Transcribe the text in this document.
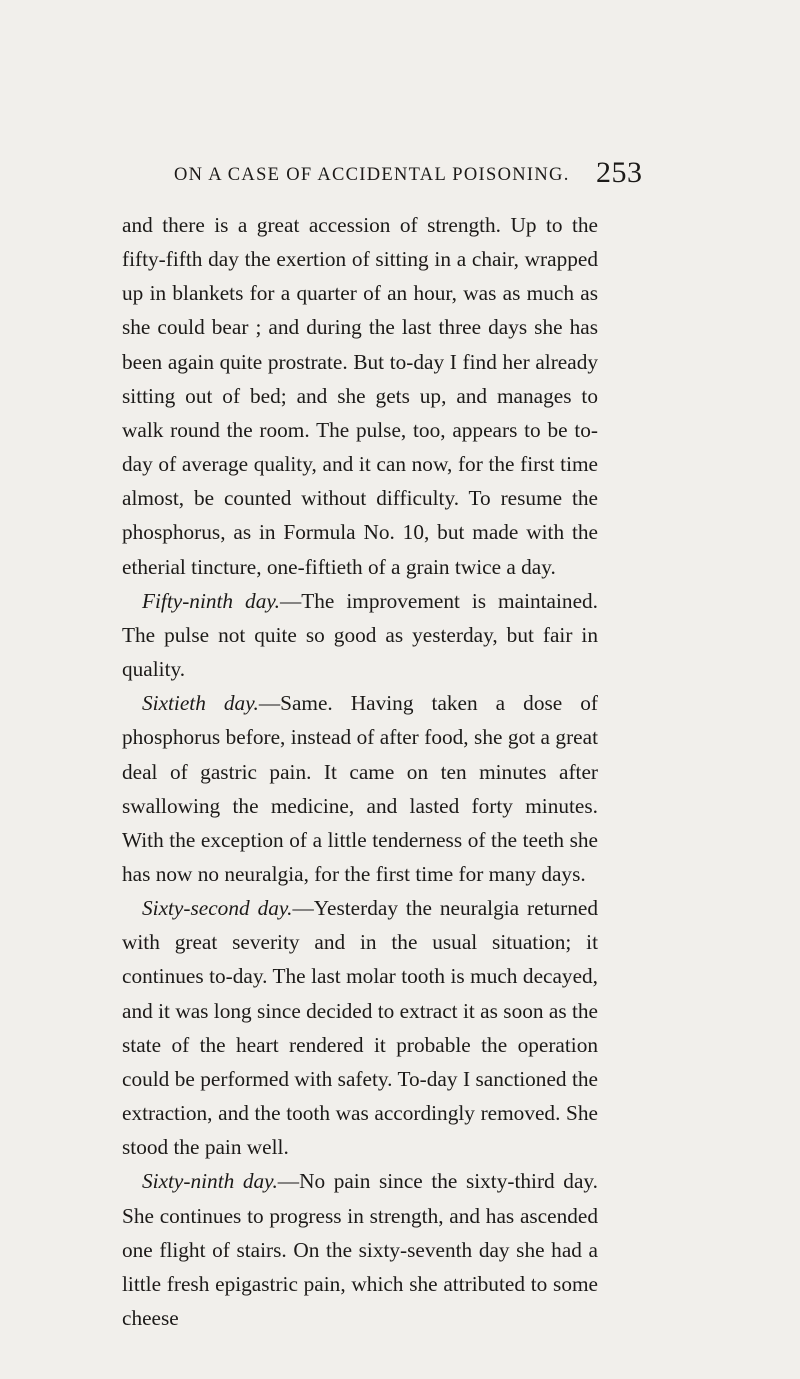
ON A CASE OF ACCIDENTAL POISONING. 253

and there is a great accession of strength. Up to the fifty-fifth day the exertion of sitting in a chair, wrapped up in blankets for a quarter of an hour, was as much as she could bear ; and during the last three days she has been again quite prostrate. But to-day I find her already sitting out of bed; and she gets up, and manages to walk round the room. The pulse, too, appears to be to-day of average quality, and it can now, for the first time almost, be counted without difficulty. To resume the phosphorus, as in Formula No. 10, but made with the etherial tincture, one-fiftieth of a grain twice a day.

Fifty-ninth day.—The improvement is maintained. The pulse not quite so good as yesterday, but fair in quality.

Sixtieth day.—Same. Having taken a dose of phosphorus before, instead of after food, she got a great deal of gastric pain. It came on ten minutes after swallowing the medicine, and lasted forty minutes. With the exception of a little tenderness of the teeth she has now no neuralgia, for the first time for many days.

Sixty-second day.—Yesterday the neuralgia returned with great severity and in the usual situation; it continues to-day. The last molar tooth is much decayed, and it was long since decided to extract it as soon as the state of the heart rendered it probable the operation could be performed with safety. To-day I sanctioned the extraction, and the tooth was accordingly removed. She stood the pain well.

Sixty-ninth day.—No pain since the sixty-third day. She continues to progress in strength, and has ascended one flight of stairs. On the sixty-seventh day she had a little fresh epigastric pain, which she attributed to some cheese
